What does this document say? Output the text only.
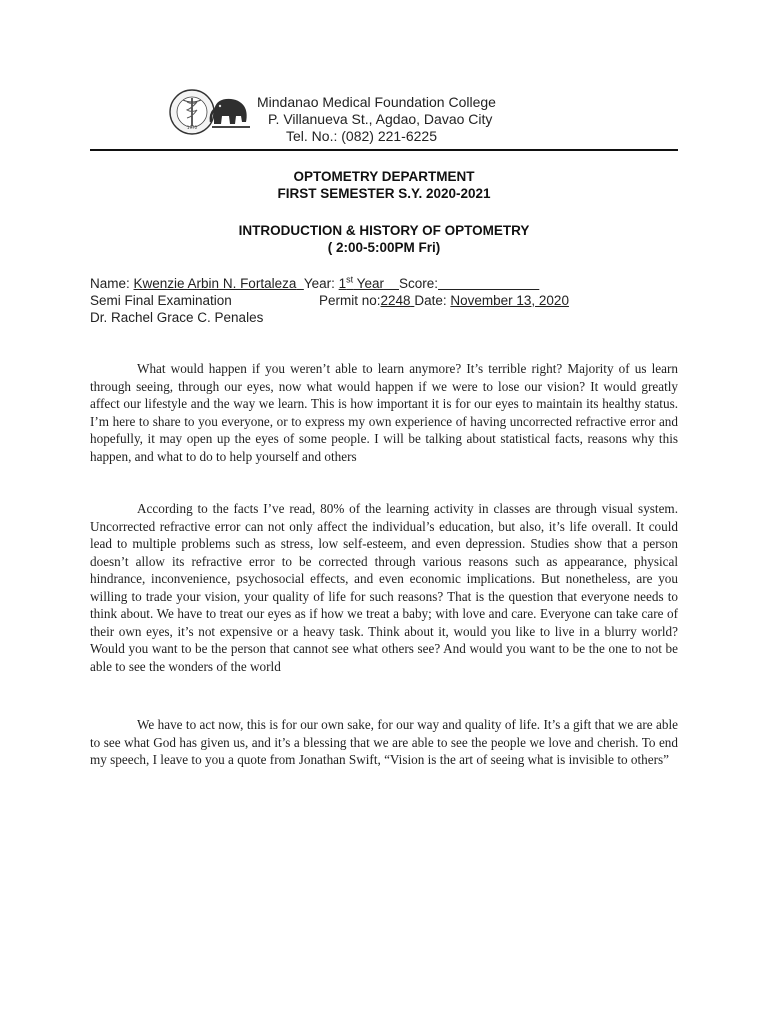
1970
Mindanao Medical Foundation College
P. Villanueva St., Agdao, Davao City
Tel. No.: (082) 221-6225
OPTOMETRY DEPARTMENT
FIRST SEMESTER S.Y. 2020-2021
INTRODUCTION & HISTORY OF OPTOMETRY
( 2:00-5:00PM Fri)
Name: Kwenzie Arbin N. Fortaleza Year: 1st Year Score:
Semi Final Examination	Permit no:2248 Date: November 13, 2020
Dr. Rachel Grace C. Penales

What would happen if you weren’t able to learn anymore? It’s terrible right? Majority of us learn through seeing, through our eyes, now what would happen if we were to lose our vision? It would greatly affect our lifestyle and the way we learn. This is how important it is for our eyes to maintain its healthy status. I’m here to share to you everyone, or to express my own experience of having uncorrected refractive error and hopefully, it may open up the eyes of some people. I will be talking about statistical facts, reasons why this happen, and what to do to help yourself and others

According to the facts I’ve read, 80% of the learning activity in classes are through visual system. Uncorrected refractive error can not only affect the individual’s education, but also, it’s life overall. It could lead to multiple problems such as stress, low self-esteem, and even depression. Studies show that a person doesn’t allow its refractive error to be corrected through various reasons such as appearance, physical hindrance, inconvenience, psychosocial effects, and even economic implications. But nonetheless, are you willing to trade your vision, your quality of life for such reasons? That is the question that everyone needs to think about. We have to treat our eyes as if how we treat a baby; with love and care. Everyone can take care of their own eyes, it’s not expensive or a heavy task. Think about it, would you like to live in a blurry world? Would you want to be the person that cannot see what others see? And would you want to be the one to not be able to see the wonders of the world

We have to act now, this is for our own sake, for our way and quality of life. It’s a gift that we are able to see what God has given us, and it’s a blessing that we are able to see the people we love and cherish. To end my speech, I leave to you a quote from Jonathan Swift, “Vision is the art of seeing what is invisible to others”
